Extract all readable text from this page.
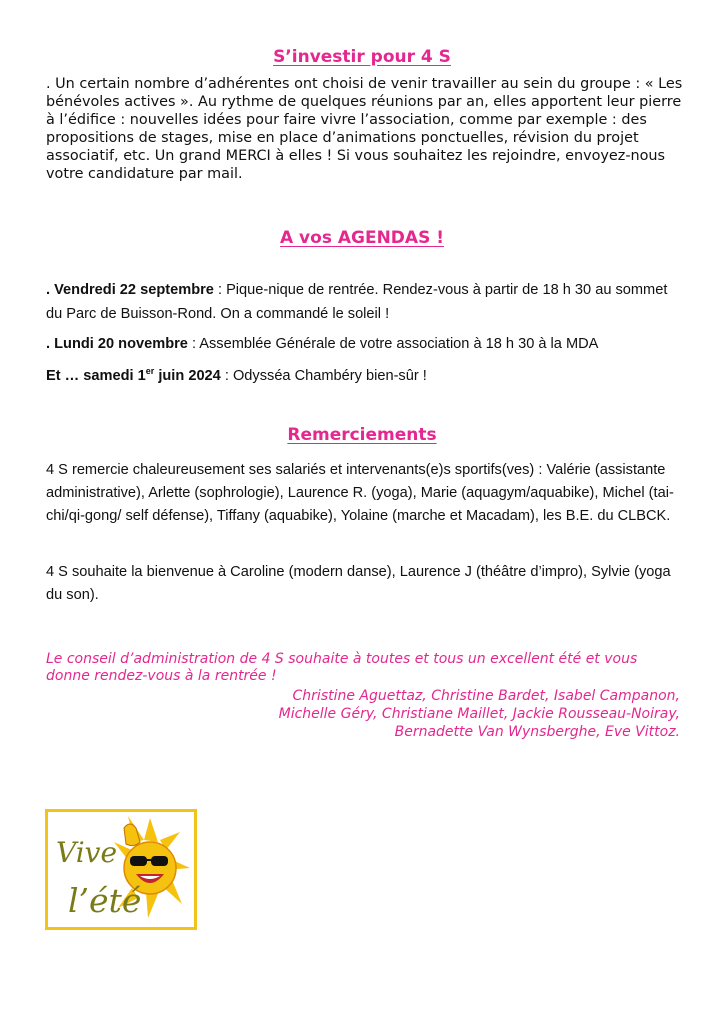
S’investir pour 4 S

. Un certain nombre d’adhérentes ont choisi de venir travailler au sein du groupe : « Les bénévoles actives ». Au rythme de quelques réunions par an, elles apportent leur pierre à l’édifice : nouvelles idées pour faire vivre l’association, comme par exemple : des propositions de stages, mise en place d’animations ponctuelles, révision du projet associatif, etc. Un grand MERCI à elles ! Si vous souhaitez les rejoindre, envoyez-nous votre candidature par mail.

A vos AGENDAS !

. Vendredi 22 septembre : Pique-nique de rentrée. Rendez-vous à partir de 18 h 30 au sommet du Parc de Buisson-Rond. On a commandé le soleil !

. Lundi 20 novembre : Assemblée Générale de votre association à 18 h 30 à la MDA

Et … samedi 1er juin 2024 : Odysséa Chambéry bien-sûr !

Remerciements

4 S remercie chaleureusement ses salariés et intervenants(e)s sportifs(ves) : Valérie (assistante administrative), Arlette (sophrologie), Laurence R. (yoga), Marie (aquagym/aquabike), Michel (tai-chi/qi-gong/ self défense), Tiffany (aquabike), Yolaine (marche et Macadam), les B.E. du CLBCK.

4 S souhaite la bienvenue à Caroline (modern danse), Laurence J (théâtre d’impro), Sylvie (yoga du son).

Le conseil d’administration de 4 S souhaite à toutes et tous un excellent été et vous donne rendez-vous à la rentrée !

Christine Aguettaz, Christine Bardet, Isabel Campanon, Michelle Géry, Christiane Maillet, Jackie Rousseau-Noiray, Bernadette Van Wynsberghe, Eve Vittoz.

Vive
l’été
